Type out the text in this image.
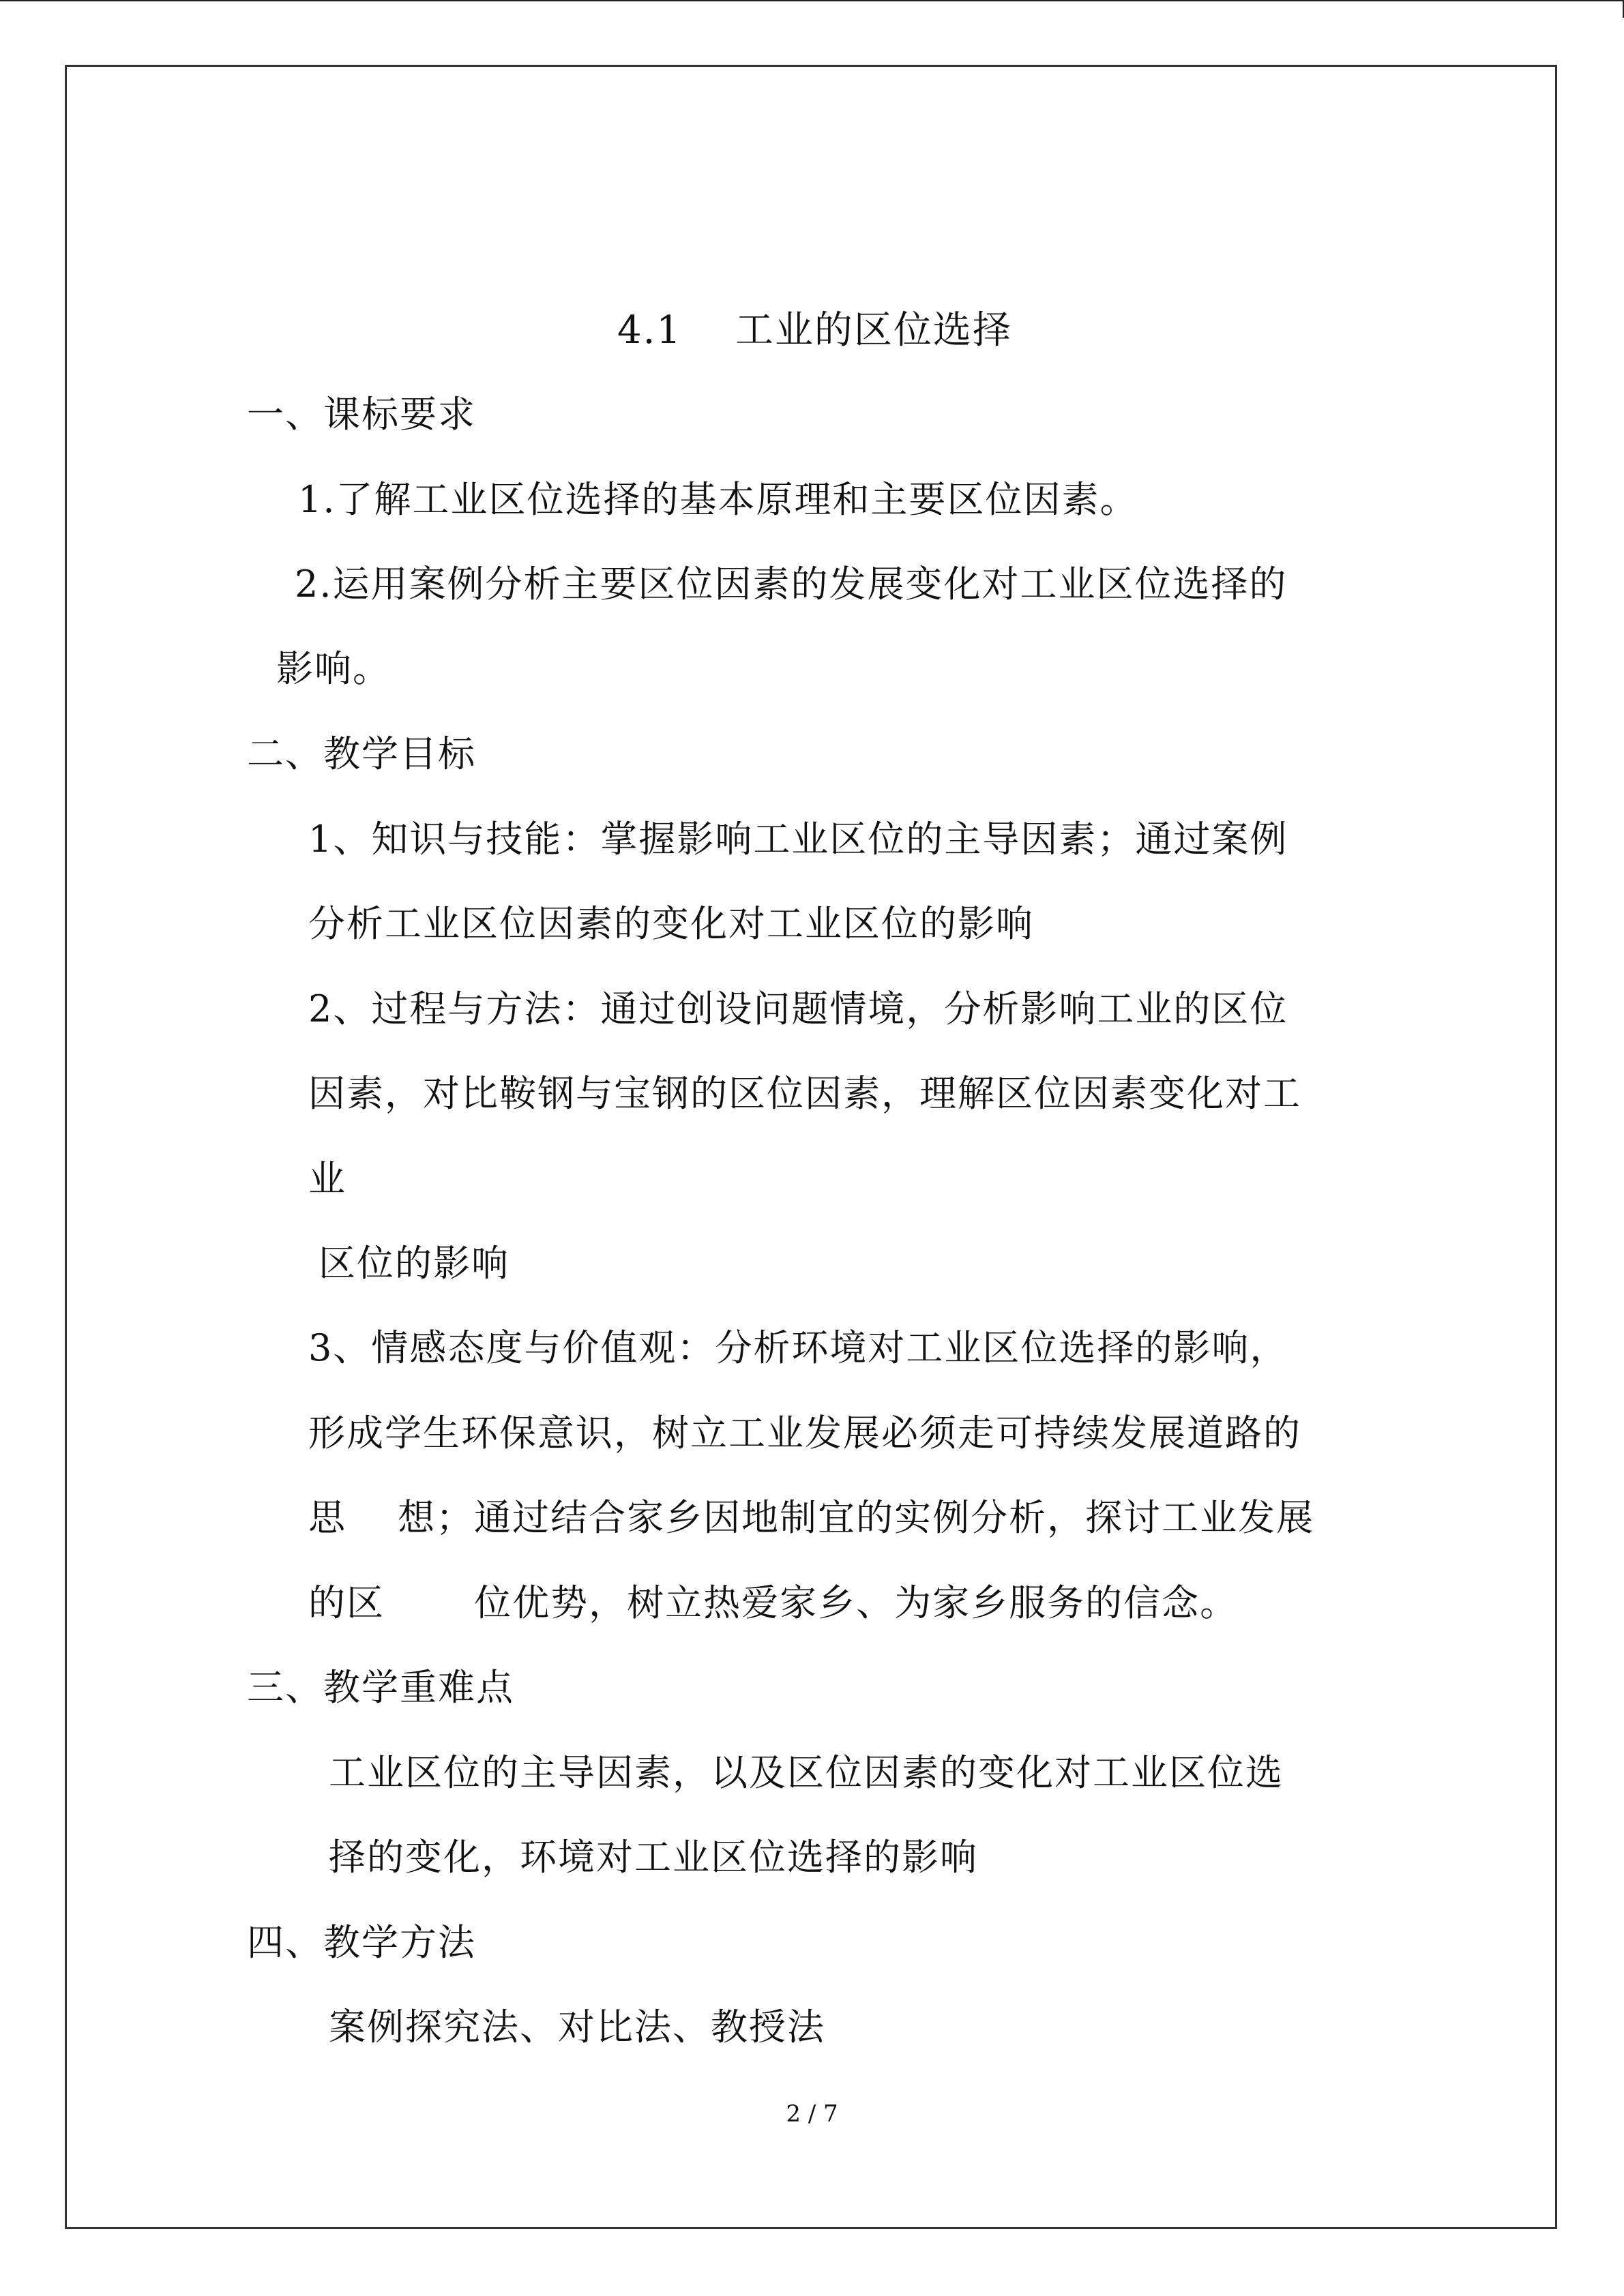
4.1　 工业的区位选择
一、课标要求
1.了解工业区位选择的基本原理和主要区位因素。
2.运用案例分析主要区位因素的发展变化对工业区位选择的
影响。
二、教学目标
1、知识与技能：掌握影响工业区位的主导因素；通过案例
分析工业区位因素的变化对工业区位的影响
2、过程与方法：通过创设问题情境，分析影响工业的区位
因素，对比鞍钢与宝钢的区位因素，理解区位因素变化对工
业
区位的影响
3、情感态度与价值观：分析环境对工业区位选择的影响，
形成学生环保意识，树立工业发展必须走可持续发展道路的
思　 想；通过结合家乡因地制宜的实例分析，探讨工业发展
的区　　 位优势，树立热爱家乡、为家乡服务的信念。
三、教学重难点
工业区位的主导因素，以及区位因素的变化对工业区位选
择的变化，环境对工业区位选择的影响
四、教学方法
案例探究法、对比法、教授法
2 / 7
